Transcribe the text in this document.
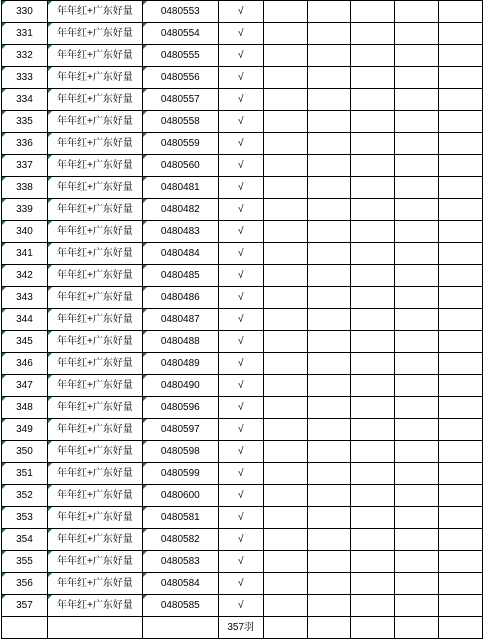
330	年年红+广东好量	0480553	√					

331	年年红+广东好量	0480554	√					

332	年年红+广东好量	0480555	√					

333	年年红+广东好量	0480556	√					

334	年年红+广东好量	0480557	√					

335	年年红+广东好量	0480558	√					

336	年年红+广东好量	0480559	√					

337	年年红+广东好量	0480560	√					

338	年年红+广东好量	0480481	√					

339	年年红+广东好量	0480482	√					

340	年年红+广东好量	0480483	√					

341	年年红+广东好量	0480484	√					

342	年年红+广东好量	0480485	√					

343	年年红+广东好量	0480486	√					

344	年年红+广东好量	0480487	√					

345	年年红+广东好量	0480488	√					

346	年年红+广东好量	0480489	√					

347	年年红+广东好量	0480490	√					

348	年年红+广东好量	0480596	√					

349	年年红+广东好量	0480597	√					

350	年年红+广东好量	0480598	√					

351	年年红+广东好量	0480599	√					

352	年年红+广东好量	0480600	√					

353	年年红+广东好量	0480581	√					

354	年年红+广东好量	0480582	√					

355	年年红+广东好量	0480583	√					

356	年年红+广东好量	0480584	√					

357	年年红+广东好量	0480585	√					
			357羽					
